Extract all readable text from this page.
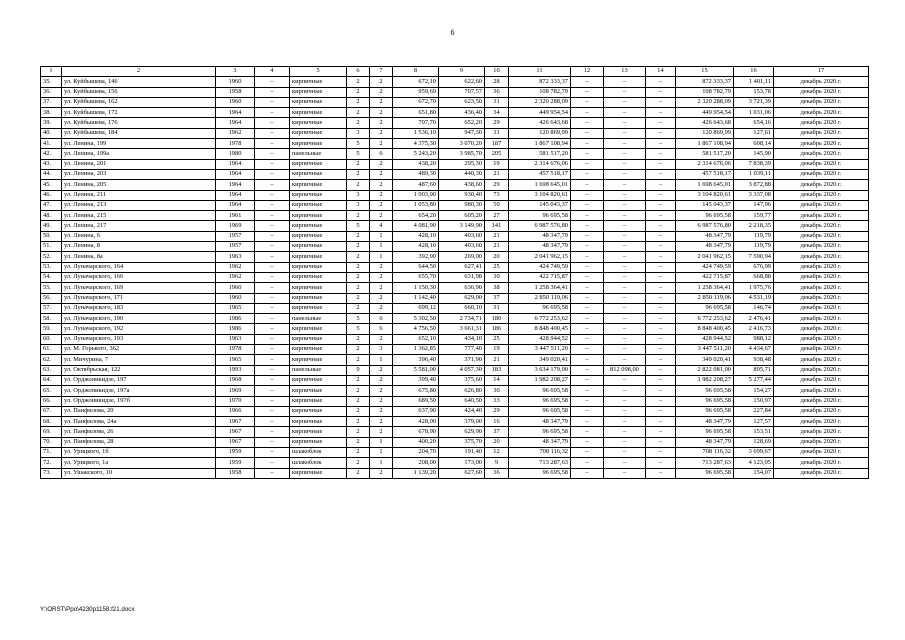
6
1	2	3	4	5	6	7	8	9	10	11	12	13	14	15	16	17
35.	ул. Куйбышева, 146	1960	–	кирпичные	2	2	672,10	622,60	28	872 333,37	–	–	–	872 333,37	1 401,11	декабрь 2020 г.
36.	ул. Куйбышева, 156	1958	–	кирпичные	2	2	959,69	707,57	36	108 782,79	–	–	–	108 782,79	153,78	декабрь 2020 г.
37.	ул. Куйбышева, 162	1960	–	кирпичные	2	2	672,70	623,50	31	2 320 288,09	–	–	–	2 320 288,09	3 721,39	декабрь 2020 г.
38.	ул. Куйбышева, 172	1964	–	кирпичные	2	2	651,80	436,40	34	449 954,54	–	–	–	449 954,54	1 031,06	декабрь 2020 г.
39.	ул. Куйбышева, 176	1964	–	кирпичные	2	2	707,70	652,20	29	426 643,68	–	–	–	426 643,68	654,16	декабрь 2020 г.
40.	ул. Куйбышева, 184	1962	–	кирпичные	3	2	1 536,10	947,30	31	120 869,99	–	–	–	120 869,99	127,61	декабрь 2020 г.
41.	ул. Ленина, 199	1978	–	кирпичные	5	2	4 375,30	3 070,20	187	1 867 108,94	–	–	–	1 867 108,94	608,14	декабрь 2020 г.
42.	ул. Ленина, 199а	1980	–	панельные	5	6	5 243,20	3 985,70	205	581 517,20	–	–	–	581 517,20	145,90	декабрь 2020 г.
43.	ул. Ленина, 201	1964	–	кирпичные	2	2	438,20	295,30	19	2 314 676,06	–	–	–	2 314 676,06	7 838,39	декабрь 2020 г.
44.	ул. Ленина, 203	1964	–	кирпичные	2	2	489,30	440,30	21	457 518,17	–	–	–	457 518,17	1 039,11	декабрь 2020 г.
45.	ул. Ленина, 205	1964	–	кирпичные	2	2	487,60	438,60	29	1 698 645,01	–	–	–	1 698 645,01	3 872,88	декабрь 2020 г.
46.	ул. Ленина, 211	1964	–	кирпичные	3	2	1 003,90	930,40	73	3 104 820,61	–	–	–	3 104 820,61	3 337,08	декабрь 2020 г.
47.	ул. Ленина, 213	1964	–	кирпичные	3	2	1 053,80	980,30	50	145 043,37	–	–	–	145 043,37	147,96	декабрь 2020 г.
48.	ул. Ленина, 215	1961	–	кирпичные	2	2	654,20	605,20	27	96 695,58	–	–	–	96 695,58	159,77	декабрь 2020 г.
49.	ул. Ленина, 217	1969	–	кирпичные	5	4	4 081,90	3 149,90	141	6 987 576,80	–	–	–	6 987 576,80	2 218,35	декабрь 2020 г.
50.	ул. Ленина, 6	1957	–	кирпичные	2	1	428,10	403,60	21	48 347,79	–	–	–	48 347,79	119,79	декабрь 2020 г.
51.	ул. Ленина, 8	1957	–	кирпичные	2	1	428,10	403,60	21	48 347,79	–	–	–	48 347,79	119,79	декабрь 2020 г.
52.	ул. Ленина, 8а	1963	–	кирпичные	2	1	392,90	269,00	20	2 041 962,15	–	–	–	2 041 962,15	7 590,94	декабрь 2020 г.
53.	ул. Луначарского, 164	1962	–	кирпичные	2	2	644,50	627,41	25	424 749,59	–	–	–	424 749,59	676,99	декабрь 2020 г.
54.	ул. Луначарского, 166	1962	–	кирпичные	2	2	655,70	631,98	30	422 715,87	–	–	–	422 715,87	668,88	декабрь 2020 г.
55.	ул. Луначарского, 169	1960	–	кирпичные	2	2	1 150,30	636,90	38	1 258 364,41	–	–	–	1 258 364,41	1 975,76	декабрь 2020 г.
56.	ул. Луначарского, 171	1960	–	кирпичные	2	2	1 142,40	629,00	37	2 850 119,06	–	–	–	2 850 119,06	4 531,19	декабрь 2020 г.
57.	ул. Луначарского, 183	1965	–	кирпичные	2	2	699,12	660,10	31	96 695,58	–	–	–	96 695,58	146,74	декабрь 2020 г.
58.	ул. Луначарского, 190	1986	–	панельные	5	6	5 302,50	2 734,71	180	6 772 253,62	–	–	–	6 772 253,62	2 476,41	декабрь 2020 г.
59.	ул. Луначарского, 192	1986	–	кирпичные	5	6	4 756,50	3 661,31	186	8 848 400,45	–	–	–	8 848 400,45	2 416,73	декабрь 2020 г.
60.	ул. Луначарского, 193	1963	–	кирпичные	2	2	652,10	434,10	25	428 944,52	–	–	–	428 944,52	988,12	декабрь 2020 г.
61.	ул. М. Горького, 362	1978	–	кирпичные	2	3	1 362,85	777,40	19	3 447 511,20	–	–	–	3 447 511,20	4 434,67	декабрь 2020 г.
62.	ул. Мичурина, 7	1965	–	кирпичные	2	1	396,40	371,90	21	349 020,41	–	–	–	349 020,41	938,48	декабрь 2020 г.
63.	ул. Октябрьская, 122	1993	–	панельные	9	2	5 581,00	4 057,30	183	3 634 179,00	–	812 098,00	–	2 822 081,00	895,71	декабрь 2020 г.
64.	ул. Орджоникидзе, 197	1968	–	кирпичные	2	2	399,40	375,60	14	1 982 208,27	–	–	–	1 982 208,27	5 277,44	декабрь 2020 г.
65.	ул. Орджоникидзе, 197а	1969	–	кирпичные	2	2	675,80	626,80	30	96 695,58	–	–	–	96 695,58	154,27	декабрь 2020 г.
66.	ул. Орджоникидзе, 197б	1970	–	кирпичные	2	2	689,50	640,50	33	96 695,58	–	–	–	96 695,58	150,97	декабрь 2020 г.
67.	ул. Панфилова, 20	1966	–	кирпичные	2	2	637,90	424,40	29	96 695,58	–	–	–	96 695,58	227,84	декабрь 2020 г.
68.	ул. Панфилова, 24а	1967	–	кирпичные	2	2	428,00	379,00	16	48 347,79	–	–	–	48 347,79	127,57	декабрь 2020 г.
69.	ул. Панфилова, 26	1967	–	кирпичные	2	2	678,90	629,90	37	96 695,58	–	–	–	96 695,58	153,51	декабрь 2020 г.
70.	ул. Панфилова, 28	1967	–	кирпичные	2	1	400,20	375,70	20	48 347,79	–	–	–	48 347,79	128,69	декабрь 2020 г.
71.	ул. Урицкого, 1б	1959	–	шлакоблок	2	1	204,70	191,40	12	708 116,32	–	–	–	708 116,32	3 699,67	декабрь 2020 г.
72.	ул. Урицкого, 1а	1959	–	шлакоблок	2	1	208,00	173,00	9	713 287,63	–	–	–	713 287,63	4 123,05	декабрь 2020 г.
73.	ул. Ушакского, 10	1958	–	кирпичные	2	2	1 139,20	627,60	36	96 695,58	–	–	–	96 695,58	154,07	декабрь 2020 г.
Y:\ORST\Ppo\4230p1158.f21.docx
